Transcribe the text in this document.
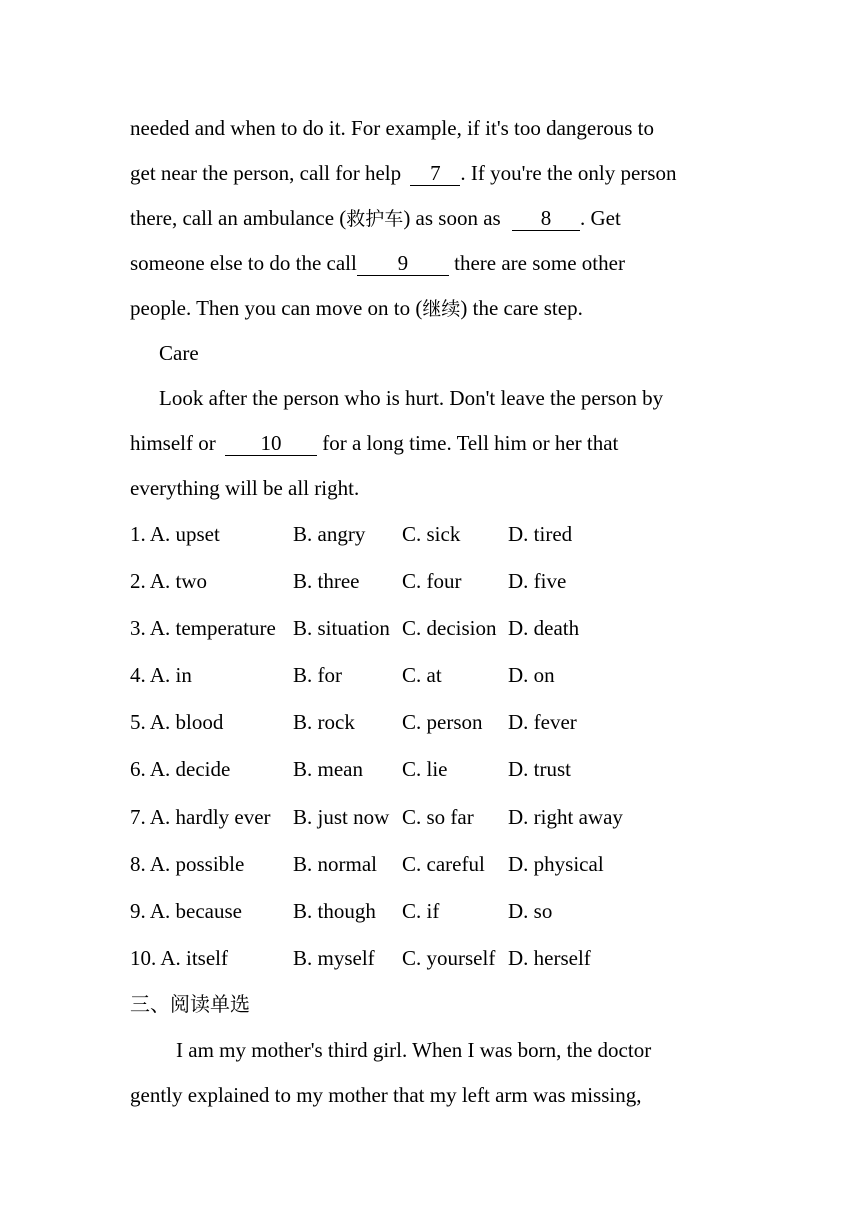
needed and when to do it. For example, if it's too dangerous to
get near the person, call for help 7 . If you're the only person
there, call an ambulance (救护车) as soon as 8 . Get
someone else to do the call 9 there are some other
people. Then you can move on to (继续) the care step.
Care
Look after the person who is hurt. Don't leave the person by
himself or 10 for a long time. Tell him or her that
everything will be all right.
1. A. upset	B. angry C. sick D. tired
2. A. two	B. three C. four D. five
3. A. temperature B. situation C. decision D. death
4. A. in	B. for	C. at	D. on
5. A. blood	B. rock C. person D. fever
6. A. decide	B. mean C. lie	D. trust
7. A. hardly ever B. just now C. so far D. right away
8. A. possible B. normal C. careful D. physical
9. A. because B. though C. if	D. so
10. A. itself	B. myself C. yourself D. herself
三、阅读单选
I am my mother's third girl. When I was born, the doctor
gently explained to my mother that my left arm was missing,
